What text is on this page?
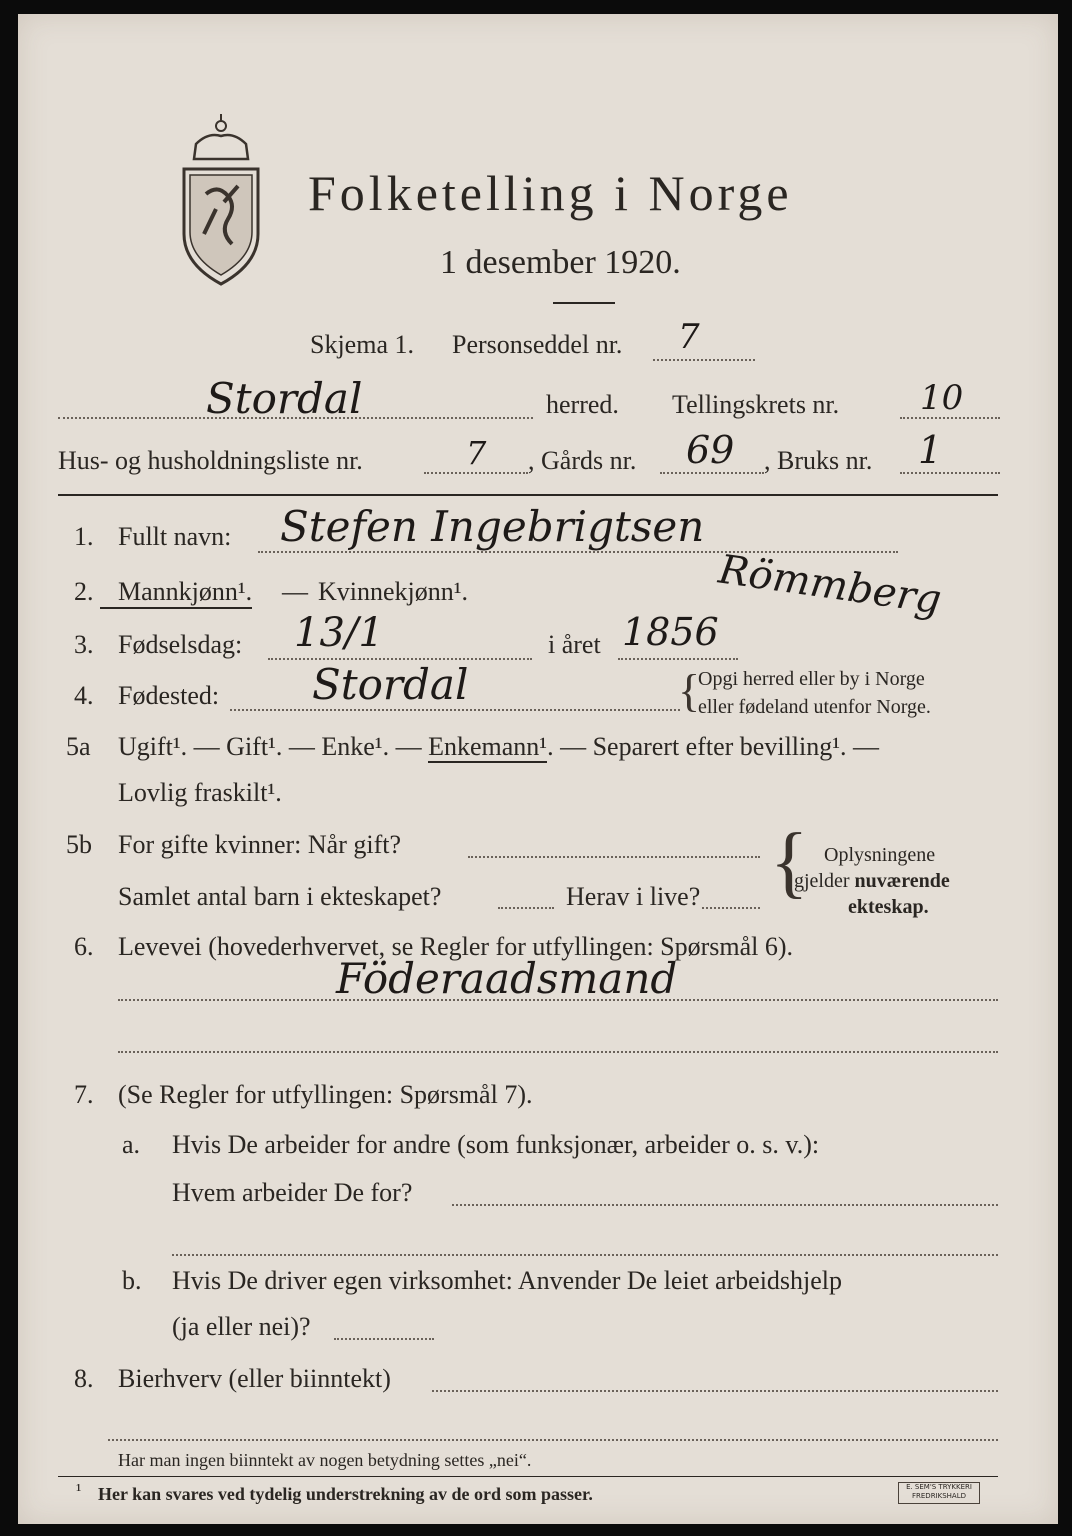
Folketelling i Norge
1 desember 1920.
Skjema 1. Personseddel nr. 7
Stordal	herred. Tellingskrets nr. 10
Hus- og husholdningsliste nr.	7 , Gårds nr. 69 , Bruks nr. 1
1. Fullt navn: Stefen Ingebrigtsen
Römmberg
2. Mannkjønn¹. — Kvinnekjønn¹.
3. Fødselsdag: 13/1	i året 1856
4. Fødested: Stordal	{
Opgi herred eller by i Norge
eller fødeland utenfor Norge.
5a Ugift¹. — Gift¹. — Enke¹. — Enkemann¹. — Separert efter bevilling¹. —
Lovlig fraskilt¹.
5b For gifte kvinner: Når gift?
Samlet antal barn i ekteskapet?	Herav i live? { Oplysningene
gjelder nuværende
ekteskap.
6. Levevei (hovederhvervet, se Regler for utfyllingen: Spørsmål 6).
Föderaadsmand
7. (Se Regler for utfyllingen: Spørsmål 7).
a. Hvis De arbeider for andre (som funksjonær, arbeider o. s. v.):
Hvem arbeider De for?
b. Hvis De driver egen virksomhet: Anvender De leiet arbeidshjelp
(ja eller nei)?
8. Bierhverv (eller biinntekt)
Har man ingen biinntekt av nogen betydning settes „nei“.
¹ Her kan svares ved tydelig understrekning av de ord som passer.	E. SEM'S TRYKKERI
FREDRIKSHALD
